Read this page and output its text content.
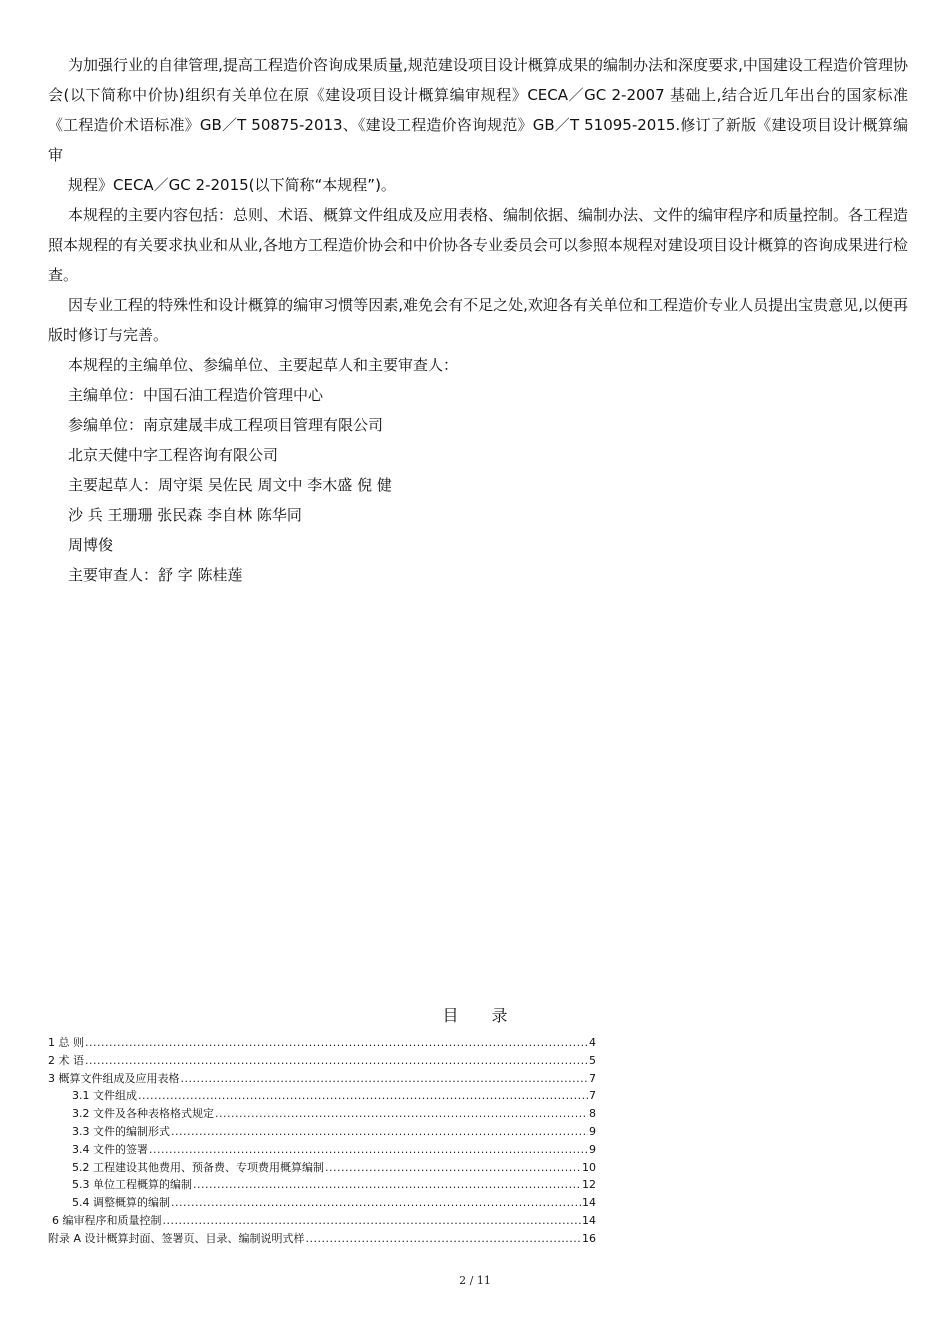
为加强行业的自律管理,提高工程造价咨询成果质量,规范建设项目设计概算成果的编制办法和深度要求,中国建设工程造价管理协会(以下简称中价协)组织有关单位在原《建设项目设计概算编审规程》CECA／GC 2-2007 基础上,结合近几年出台的国家标准《工程造价术语标准》GB／T 50875-2013、《建设工程造价咨询规范》GB／T 51095-2015.修订了新版《建设项目设计概算编审

规程》CECA／GC 2-2015(以下简称“本规程”)。

本规程的主要内容包括：总则、术语、概算文件组成及应用表格、编制依据、编制办法、文件的编审程序和质量控制。各工程造照本规程的有关要求执业和从业,各地方工程造价协会和中价协各专业委员会可以参照本规程对建设项目设计概算的咨询成果进行检查。

因专业工程的特殊性和设计概算的编审习惯等因素,难免会有不足之处,欢迎各有关单位和工程造价专业人员提出宝贵意见,以便再版时修订与完善。

本规程的主编单位、参编单位、主要起草人和主要审查人：

主编单位：中国石油工程造价管理中心

参编单位：南京建晟丰成工程项目管理有限公司

北京天健中字工程咨询有限公司

主要起草人：周守渠 吴佐民 周文中 李木盛 倪 健

沙 兵 王珊珊 张民森 李自林 陈华同

周博俊

主要审查人：舒 字 陈桂莲

目 录
1 总 则 .....	4
2 术 语 .....	5
3 概算文件组成及应用表格 .....	7
3.1 文件组成 .....	7
3.2 文件及各种表格格式规定 .....	8
3.3 文件的编制形式 .....	9
3.4 文件的签署 .....	9
5.2 工程建设其他费用、预备费、专项费用概算编制 .....	10
5.3 单位工程概算的编制 .....	12
5.4 调整概算的编制 .....	14
6 编审程序和质量控制 .....	14
附录 A 设计概算封面、签署页、目录、编制说明式样 .....	16
2 / 11
